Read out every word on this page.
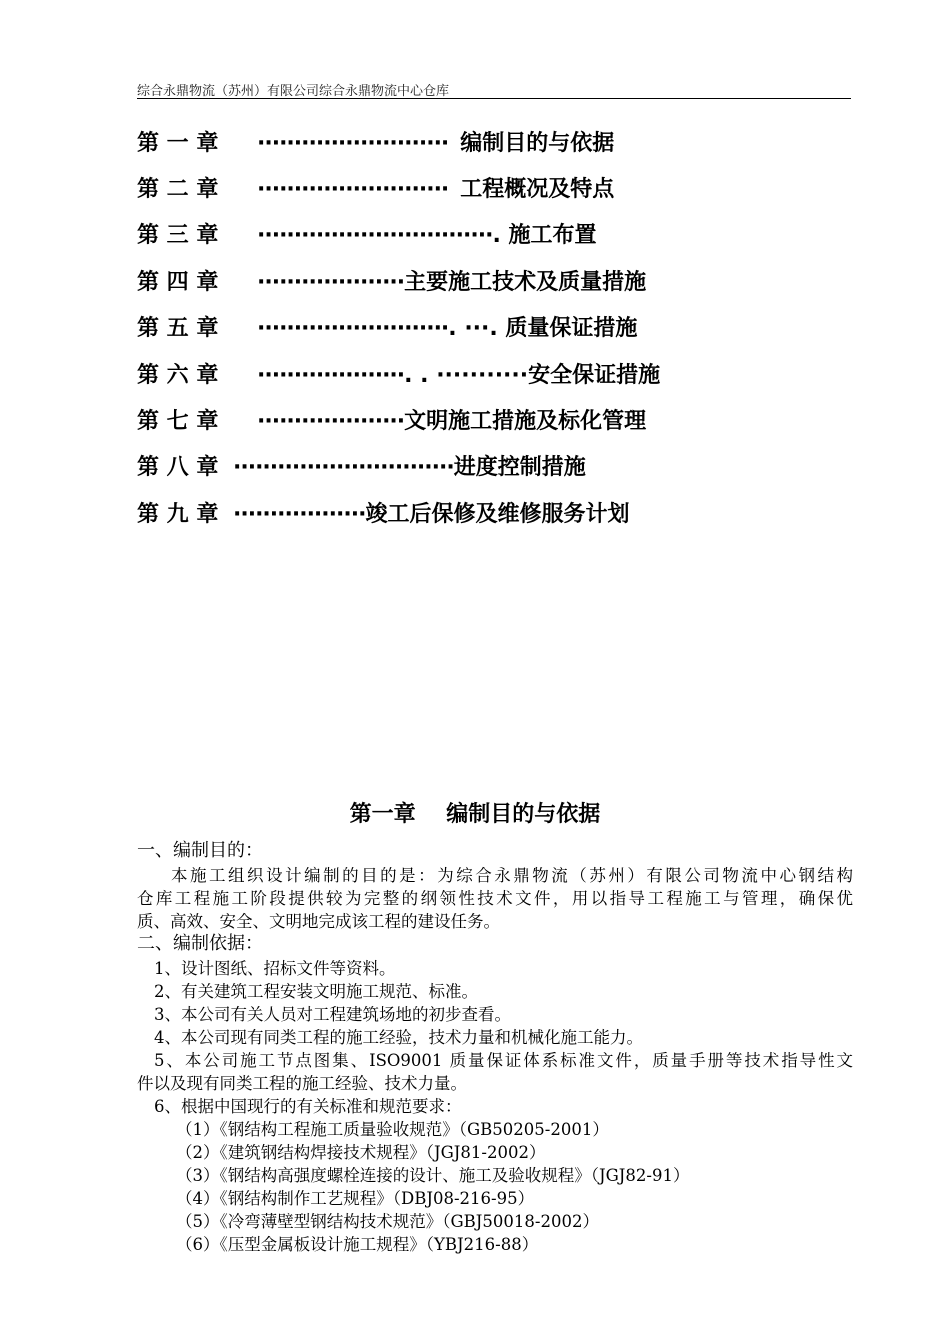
综合永鼎物流（苏州）有限公司综合永鼎物流中心仓库
第 一 章 ·························· 编制目的与依据
第 二 章 ·························· 工程概况及特点
第 三 章 ································. 施工布置
第 四 章 ····················主要施工技术及质量措施
第 五 章 ··························. ···. 质量保证措施
第 六 章 ····················. . ···········安全保证措施
第 七 章 ····················文明施工措施及标化管理
第 八 章 ······························进度控制措施
第 九 章 ··················竣工后保修及维修服务计划
第一章    编制目的与依据
一、编制目的：
本施工组织设计编制的目的是：为综合永鼎物流（苏州）有限公司物流中心钢结构
仓库工程施工阶段提供较为完整的纲领性技术文件，用以指导工程施工与管理，确保优
质、高效、安全、文明地完成该工程的建设任务。
二、编制依据：
1、设计图纸、招标文件等资料。
2、有关建筑工程安装文明施工规范、标准。
3、本公司有关人员对工程建筑场地的初步查看。
4、本公司现有同类工程的施工经验，技术力量和机械化施工能力。
5、本公司施工节点图集、ISO9001 质量保证体系标准文件，质量手册等技术指导性文
件以及现有同类工程的施工经验、技术力量。
6、根据中国现行的有关标准和规范要求：
（1）《钢结构工程施工质量验收规范》（GB50205-2001）
（2）《建筑钢结构焊接技术规程》（JGJ81-2002）
（3）《钢结构高强度螺栓连接的设计、施工及验收规程》（JGJ82-91）
（4）《钢结构制作工艺规程》（DBJ08-216-95）
（5）《冷弯薄壁型钢结构技术规范》（GBJ50018-2002）
（6）《压型金属板设计施工规程》（YBJ216-88）
